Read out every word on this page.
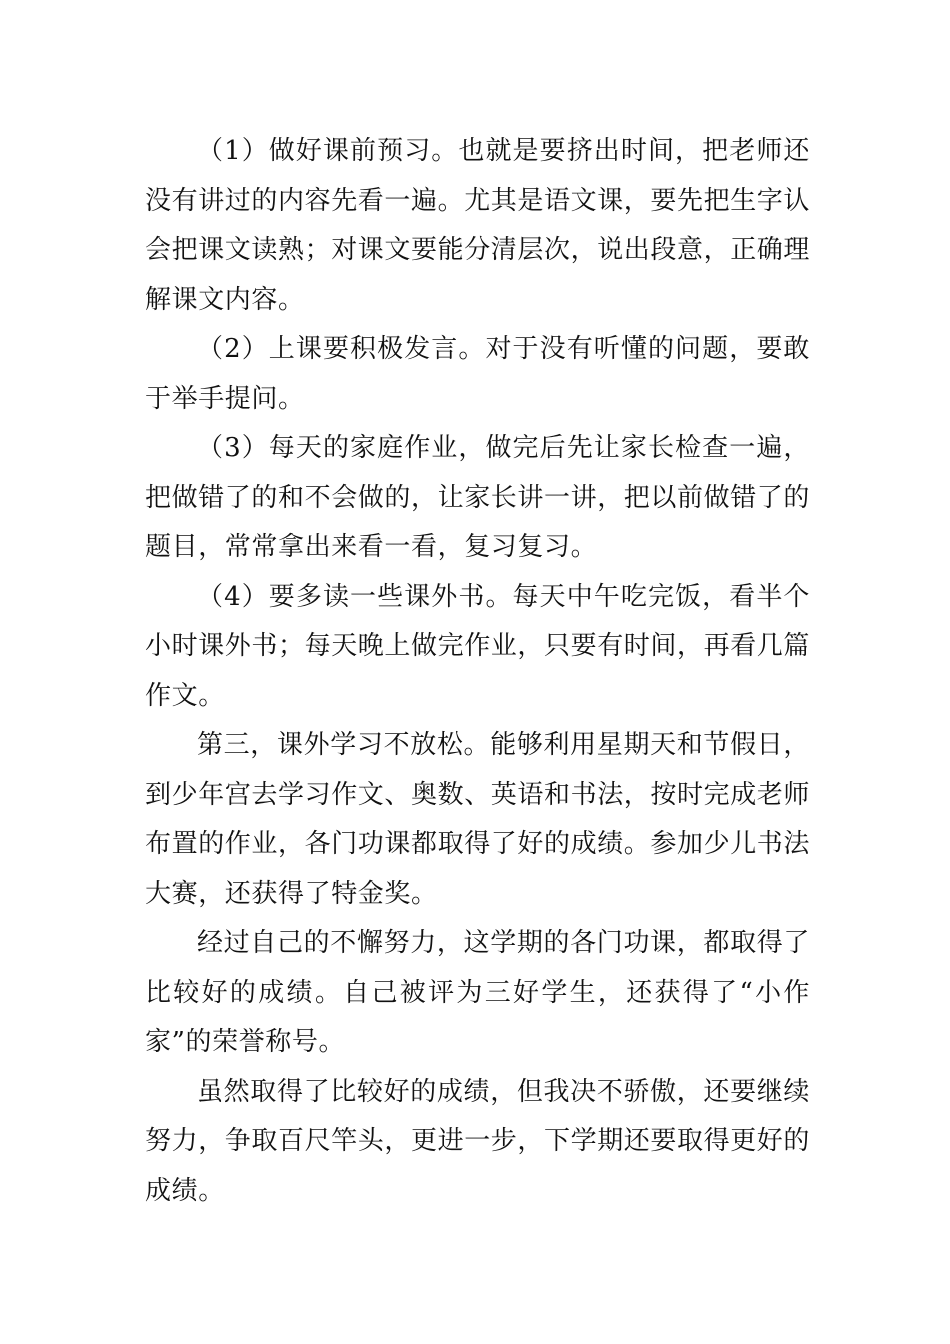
（1）做好课前预习。也就是要挤出时间，把老师还没有讲过的内容先看一遍。尤其是语文课，要先把生字认会把课文读熟；对课文要能分清层次，说出段意，正确理解课文内容。

（2）上课要积极发言。对于没有听懂的问题，要敢于举手提问。

（3）每天的家庭作业，做完后先让家长检查一遍，把做错了的和不会做的，让家长讲一讲，把以前做错了的题目，常常拿出来看一看，复习复习。

（4）要多读一些课外书。每天中午吃完饭，看半个小时课外书；每天晚上做完作业，只要有时间，再看几篇作文。

第三，课外学习不放松。能够利用星期天和节假日，到少年宫去学习作文、奥数、英语和书法，按时完成老师布置的作业，各门功课都取得了好的成绩。参加少儿书法大赛，还获得了特金奖。

经过自己的不懈努力，这学期的各门功课，都取得了比较好的成绩。自己被评为三好学生，还获得了“小作家”的荣誉称号。

虽然取得了比较好的成绩，但我决不骄傲，还要继续努力，争取百尺竿头，更进一步，下学期还要取得更好的成绩。
